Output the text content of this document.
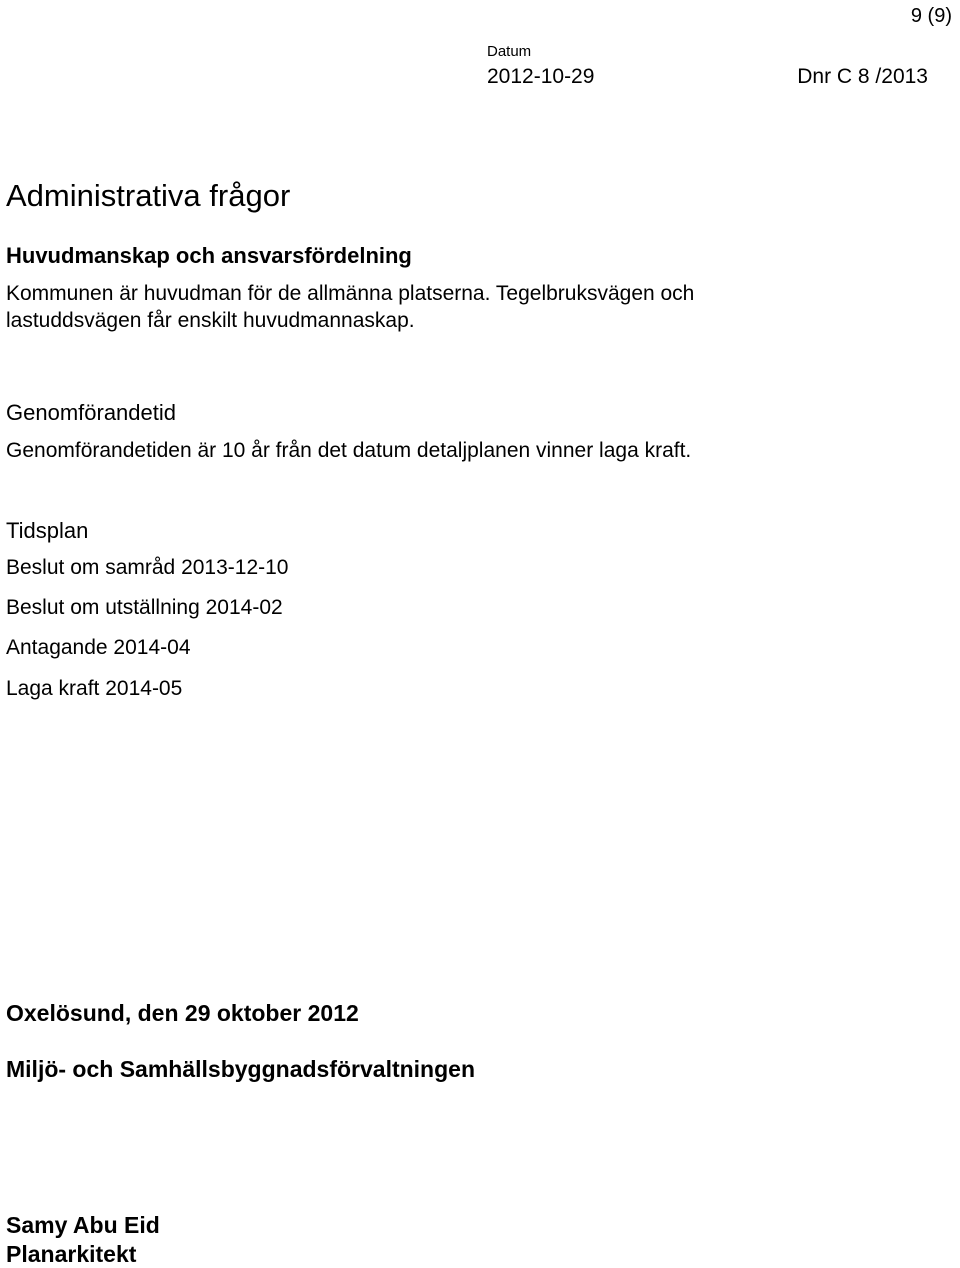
9 (9)
Datum
2012-10-29	Dnr C 8 /2013
Administrativa frågor
Huvudmanskap och ansvarsfördelning
Kommunen är huvudman för de allmänna platserna. Tegelbruksvägen och
lastuddsvägen får enskilt huvudmannaskap.
Genomförandetid
Genomförandetiden är 10 år från det datum detaljplanen vinner laga kraft.
Tidsplan
Beslut om samråd 2013-12-10
Beslut om utställning 2014-02
Antagande 2014-04
Laga kraft 2014-05
Oxelösund, den 29 oktober 2012
Miljö- och Samhällsbyggnadsförvaltningen
Samy Abu Eid
Planarkitekt
